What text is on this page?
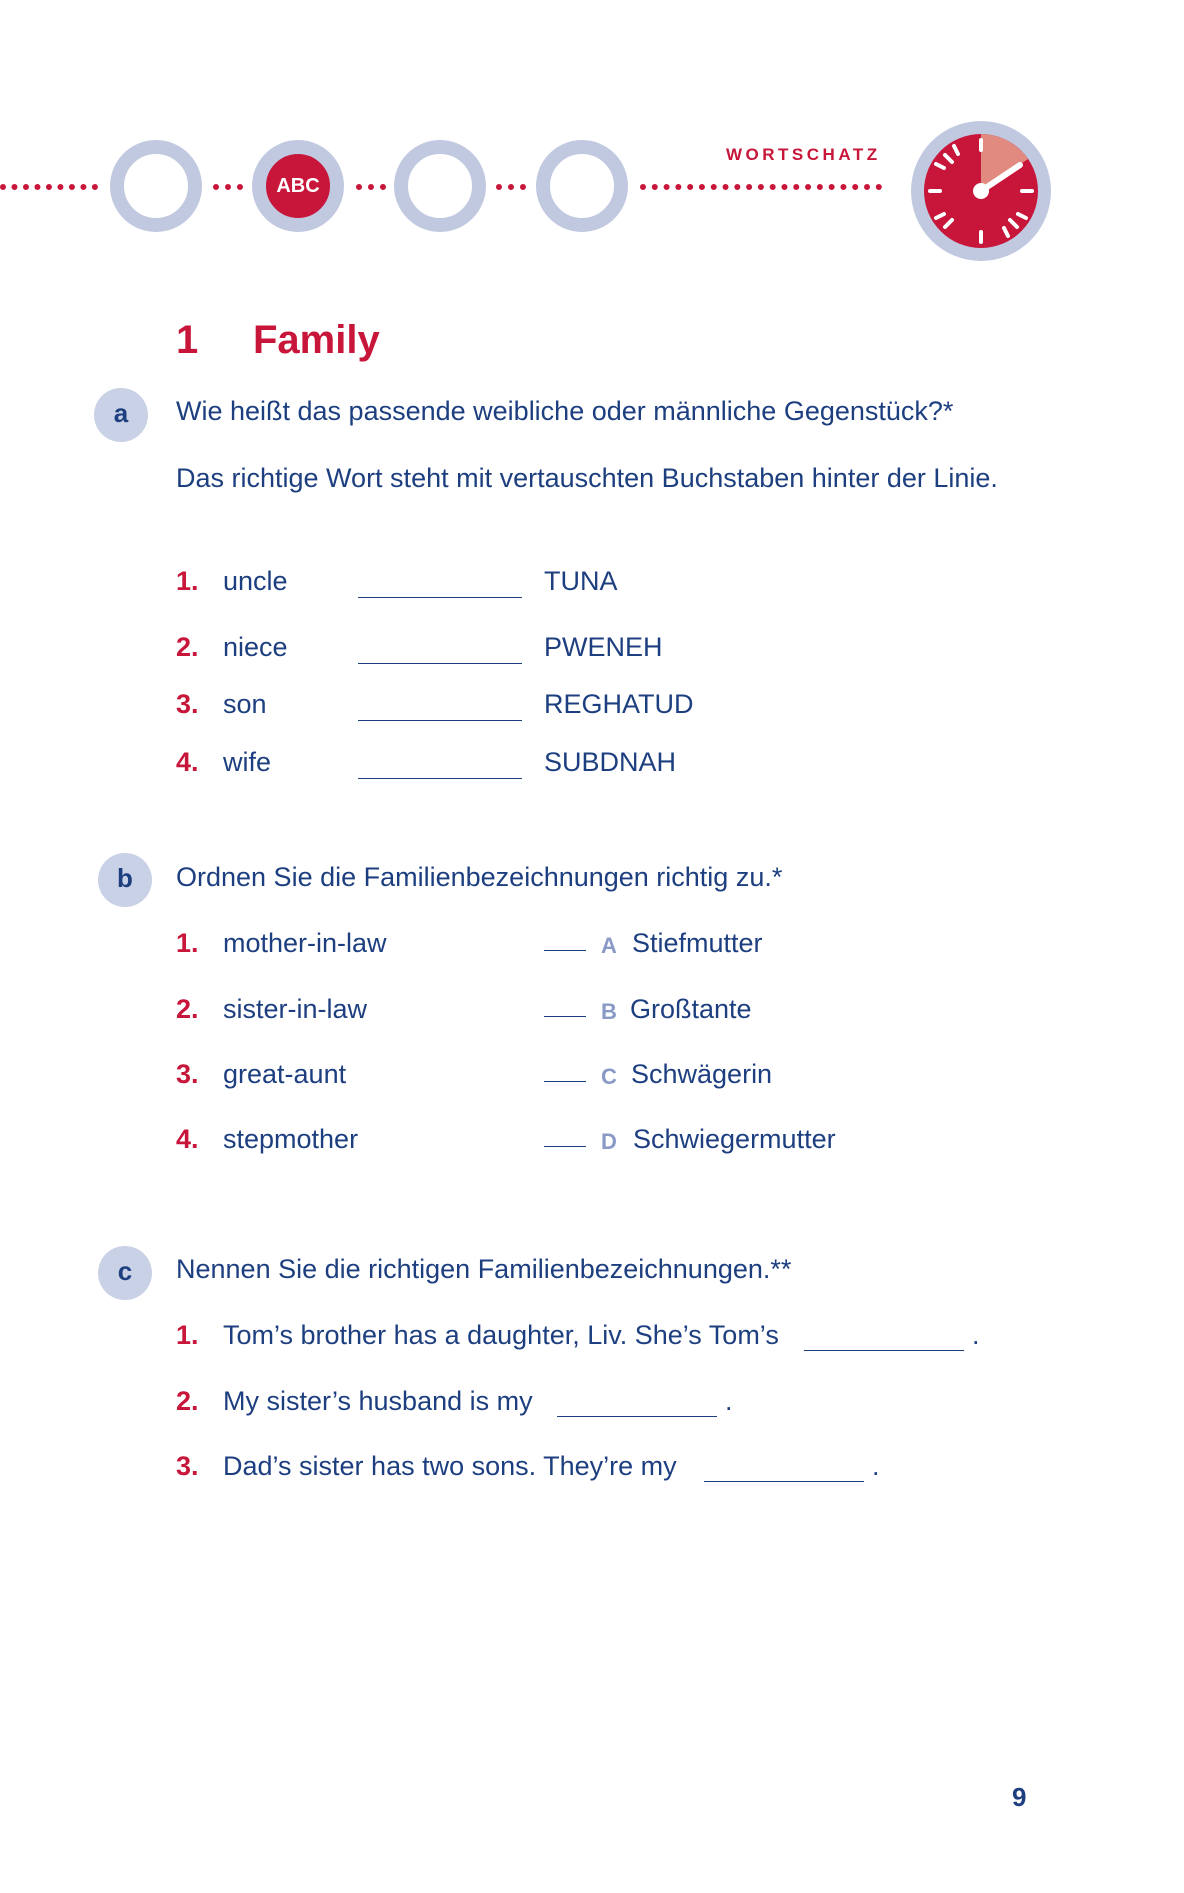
ABC
WORTSCHATZ
1 Family
a	Wie heißt das passende weibliche oder männliche Gegenstück?*
Das richtige Wort steht mit vertauschten Buchstaben hinter der Linie.
1. uncle	TUNA
2. niece	PWENEH
3. son	REGHATUD
4. wife	SUBDNAH
b	Ordnen Sie die Familienbezeichnungen richtig zu.*
1. mother-in-law	A Stiefmutter
2. sister-in-law	B Großtante
3. great-aunt	C Schwägerin
4. stepmother	D Schwiegermutter
c	Nennen Sie die richtigen Familienbezeichnungen.**
1. Tom’s brother has a daughter, Liv. She’s Tom’s	.
2. My sister’s husband is my	.
3. Dad’s sister has two sons. They’re my	.
9
